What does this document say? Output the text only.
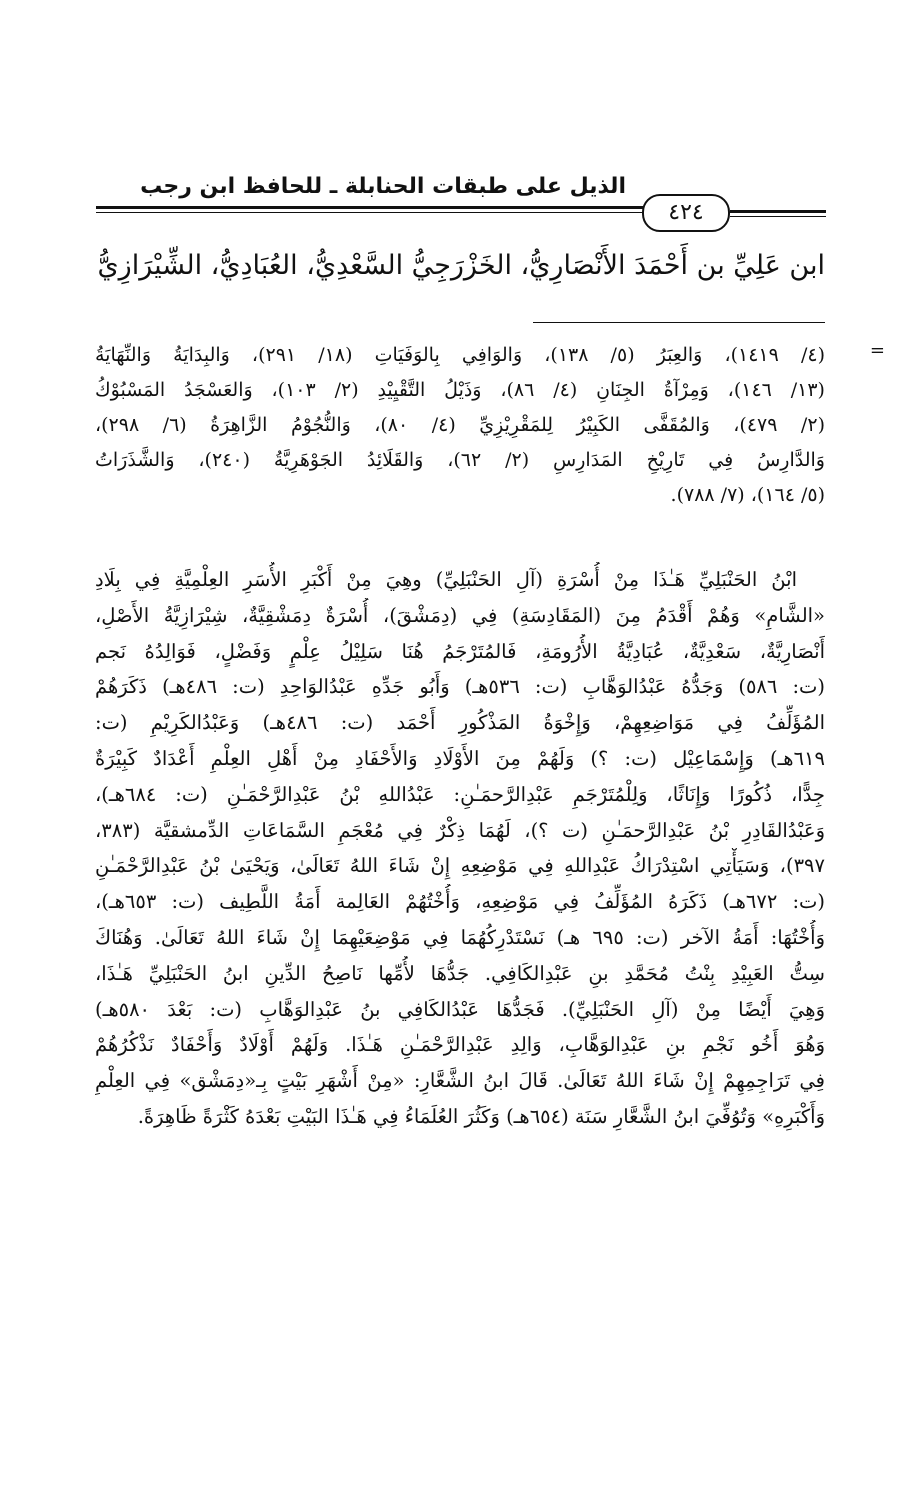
الذيل على طبقات الحنابلة ـ للحافظ ابن رجب
٤٢٤
ابن عَلِيِّ بن أَحْمَدَ الأَنْصَارِيُّ، الخَزْرَجِيُّ السَّعْدِيُّ، العُبَادِيُّ، الشِّيْرَازِيُّ
=
(٤/ ١٤١٩)، وَالعِبَرُ (٥/ ١٣٨)، وَالوَافِي بِالوَفَيَاتِ (١٨/ ٢٩١)، وَالبِدَايَةُ وَالنِّهَايَةُ
(١٣/ ١٤٦)، وَمِرْآةُ الجِنَانِ (٤/ ٨٦)، وَذَيْلُ التَّقْيِيْدِ (٢/ ١٠٣)، وَالعَسْجَدُ المَسْبُوْكُ
(٢/ ٤٧٩)، وَالمُقَفَّى الكَبِيْرُ لِلمَقْرِيْزِيِّ (٤/ ٨٠)، وَالنُّجُوْمُ الزَّاهِرَةُ (٦/ ٢٩٨)،
وَالدَّارِسُ فِي تَارِيْخِ المَدَارِسِ (٢/ ٦٢)، وَالقَلَائِدُ الجَوْهَرِيَّةُ (٢٤٠)، وَالشَّذَرَاتُ
(٥/ ١٦٤)، (٧/ ٧٨٨).
ابْنُ الحَنْبَلِيِّ هَـٰذَا مِنْ أُسْرَةِ (آلِ الحَنْبَلِيِّ) وهِيَ مِنْ أَكْبَرِ الأُسَرِ العِلْمِيَّةِ فِي بِلَادِ
«الشَّامِ» وَهُمْ أَقْدَمُ مِنَ (المَقَادِسَةِ) فِي (دِمَشْقَ)، أُسْرَةٌ دِمَشْقِيَّةٌ، شِيْرَازِيَّةُ الأَصْلِ،
أَنْصَارِيَّةٌ، سَعْدِيَّةٌ، عُبَادِيَّةُ الأُرُومَةِ، فَالمُتَرْجَمُ هُنَا سَلِيْلُ عِلْمٍ وَفَضْلٍ، فَوَالِدُهُ نَجم
(ت: ٥٨٦) وَجَدُّهُ عَبْدُالوَهَّابِ (ت: ٥٣٦هـ) وَأَبُو جَدِّهِ عَبْدُالوَاحِدِ (ت: ٤٨٦هـ) ذَكَرَهُمْ
المُؤَلِّفُ فِي مَوَاضِعِهِمْ، وَإِخْوَةُ المَذْكُورِ أَحْمَد (ت: ٤٨٦هـ) وَعَبْدُالكَرِيْمِ (ت:
٦١٩هـ) وَإِسْمَاعِيْل (ت: ؟) وَلَهُمْ مِنَ الأَوْلَادِ وَالأَحْفَادِ مِنْ أَهْلِ العِلْمِ أَعْدَادٌ كَبِيْرَةٌ
جِدًّا، ذُكُورًا وَإِنَاثًا، وَلِلْمُتَرْجَمِ عَبْدِالرَّحمَـٰنِ: عَبْدُاللهِ بْنُ عَبْدِالرَّحْمَـٰنِ (ت: ٦٨٤هـ)،
وَعَبْدُالقَادِرِ بْنُ عَبْدِالرَّحمَـٰنِ (ت ؟)، لَهُمَا ذِكْرٌ فِي مُعْجَمِ السَّمَاعَاتِ الدِّمشقيَّة (٣٨٣،
٣٩٧)، وَسَيَأْتِي اسْتِدْرَاكُ عَبْدِاللهِ فِي مَوْضِعِهِ إِنْ شَاءَ اللهُ تَعَالَىٰ، وَيَحْيَىٰ بْنُ عَبْدِالرَّحْمَـٰنِ
(ت: ٦٧٢هـ) ذَكَرَهُ المُؤَلِّفُ فِي مَوْضِعِهِ، وَأُخْتُهُمْ العَالِمة أَمَةُ اللَّطِيف (ت: ٦٥٣هـ)،
وَأُخْتُهَا: أَمَةُ الآخر (ت: ٦٩٥ هـ) نَسْتَدْرِكُهُمَا فِي مَوْضِعَيْهِمَا إِنْ شَاءَ اللهُ تَعَالَىٰ. وَهُنَاكَ
سِتُّ العَبِيْدِ بِنْتُ مُحَمَّدِ بنِ عَبْدِالكَافِي. جَدُّهَا لأُمِّها نَاصِحُ الدِّينِ ابنُ الحَنْبَلِيِّ هَـٰذَا،
وَهِيَ أَيْضًا مِنْ (آلِ الحَنْبَلِيِّ). فَجَدُّهَا عَبْدُالكَافِي بنُ عَبْدِالوَهَّابِ (ت: بَعْدَ ٥٨٠هـ)
وَهُوَ أَخُو نَجْمِ بنِ عَبْدِالوَهَّابِ، وَالِدِ عَبْدِالرَّحْمَـٰنِ هَـٰذَا. وَلَهُمْ أَوْلَادٌ وَأَحْفَادٌ نَذْكُرُهُمْ
فِي تَرَاجِمِهِمْ إِنْ شَاءَ اللهُ تَعَالَىٰ. قَالَ ابنُ الشَّعَّارِ: «مِنْ أَشْهَرِ بَيْتٍ بِـ«دِمَشْق» فِي العِلْمِ
وَأَكْبَرِهِ» وَتُوُفِّيَ ابنُ الشَّعَّارِ سَنَة (٦٥٤هـ) وَكَثُرَ العُلَمَاءُ فِي هَـٰذَا البَيْتِ بَعْدَهُ كَثْرَةً ظَاهِرَةً.
